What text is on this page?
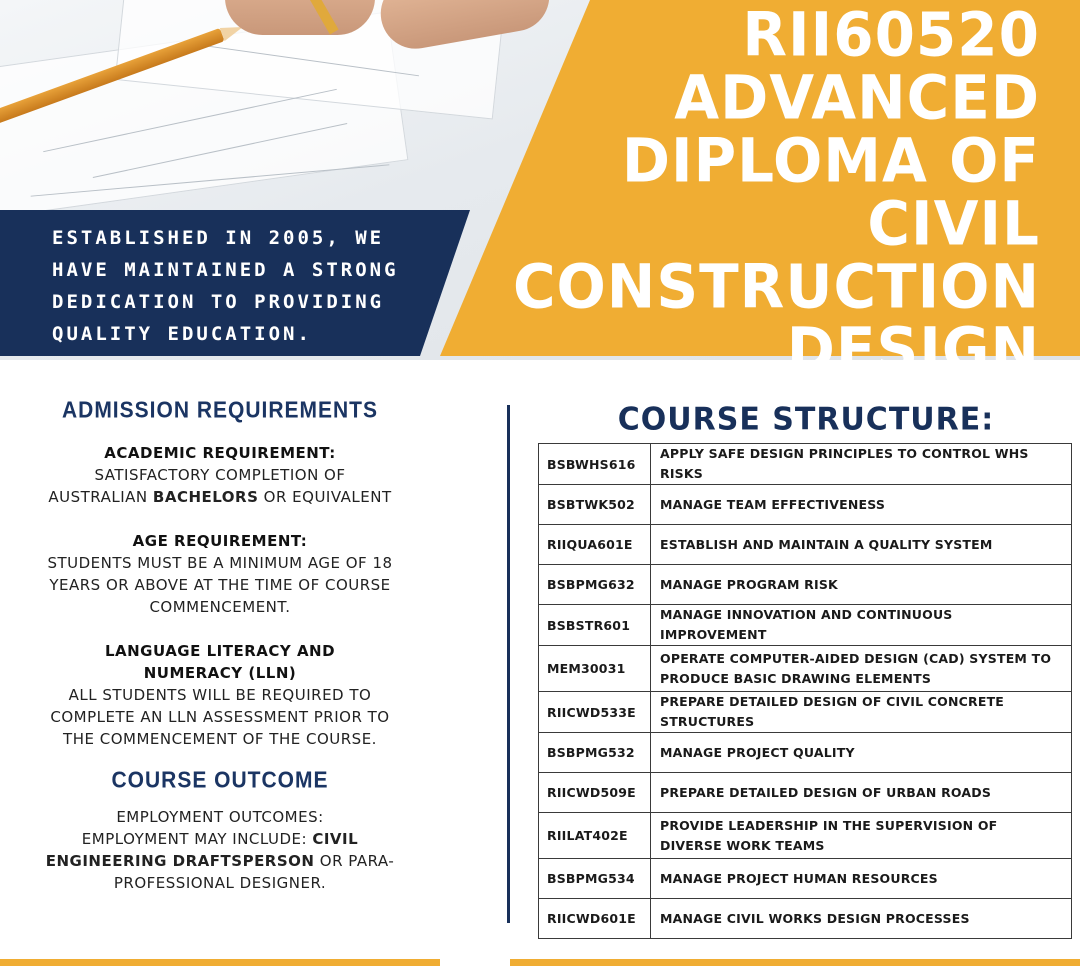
RII60520
ADVANCED
DIPLOMA OF CIVIL
CONSTRUCTION
DESIGN
ESTABLISHED IN 2005, WE
HAVE MAINTAINED A STRONG
DEDICATION TO PROVIDING
QUALITY EDUCATION.
ADMISSION REQUIREMENTS
ACADEMIC REQUIREMENT:
SATISFACTORY COMPLETION OF AUSTRALIAN BACHELORS OR EQUIVALENT
AGE REQUIREMENT:
STUDENTS MUST BE A MINIMUM AGE OF 18 YEARS OR ABOVE AT THE TIME OF COURSE COMMENCEMENT.
LANGUAGE LITERACY AND NUMERACY (LLN)
ALL STUDENTS WILL BE REQUIRED TO COMPLETE AN LLN ASSESSMENT PRIOR TO THE COMMENCEMENT OF THE COURSE.
COURSE OUTCOME
EMPLOYMENT OUTCOMES:
EMPLOYMENT MAY INCLUDE: CIVIL ENGINEERING DRAFTSPERSON OR PARA-PROFESSIONAL DESIGNER.
COURSE STRUCTURE:
BSBWHS616	APPLY SAFE DESIGN PRINCIPLES TO CONTROL WHS RISKS
BSBTWK502	MANAGE TEAM EFFECTIVENESS
RIIQUA601E	ESTABLISH AND MAINTAIN A QUALITY SYSTEM
BSBPMG632	MANAGE PROGRAM RISK
BSBSTR601	MANAGE INNOVATION AND CONTINUOUS IMPROVEMENT
MEM30031	OPERATE COMPUTER-AIDED DESIGN (CAD) SYSTEM TO PRODUCE BASIC DRAWING ELEMENTS
RIICWD533E	PREPARE DETAILED DESIGN OF CIVIL CONCRETE STRUCTURES
BSBPMG532	MANAGE PROJECT QUALITY
RIICWD509E	PREPARE DETAILED DESIGN OF URBAN ROADS
RIILAT402E	PROVIDE LEADERSHIP IN THE SUPERVISION OF DIVERSE WORK TEAMS
BSBPMG534	MANAGE PROJECT HUMAN RESOURCES
RIICWD601E	MANAGE CIVIL WORKS DESIGN PROCESSES
